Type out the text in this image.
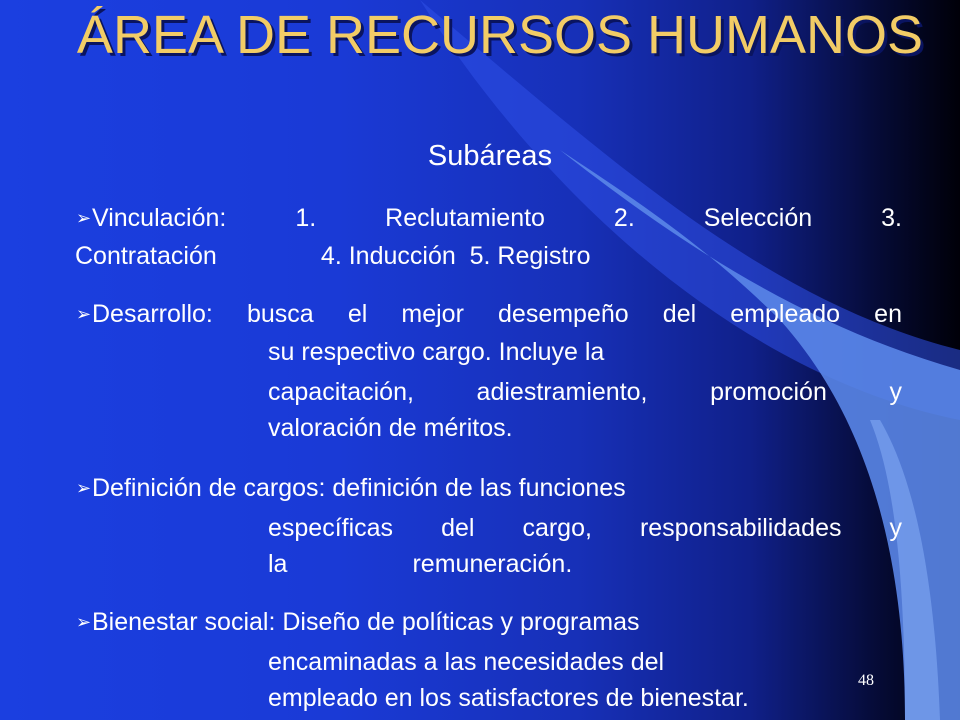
ÁREA DE RECURSOS HUMANOS
Subáreas
➢ Vinculación: 1. Reclutamiento 2. Selección 3.
Contratación               4. Inducción  5. Registro
➢ Desarrollo: busca el mejor desempeño del empleado en
su respectivo cargo. Incluye la
capacitación, adiestramiento, promoción y
valoración de méritos.
➢ Definición de cargos: definición de las funciones
específicas del cargo, responsabilidades y
la                  remuneración.
➢ Bienestar social: Diseño de políticas y programas
encaminadas a las necesidades del
empleado en los satisfactores de bienestar.
48
